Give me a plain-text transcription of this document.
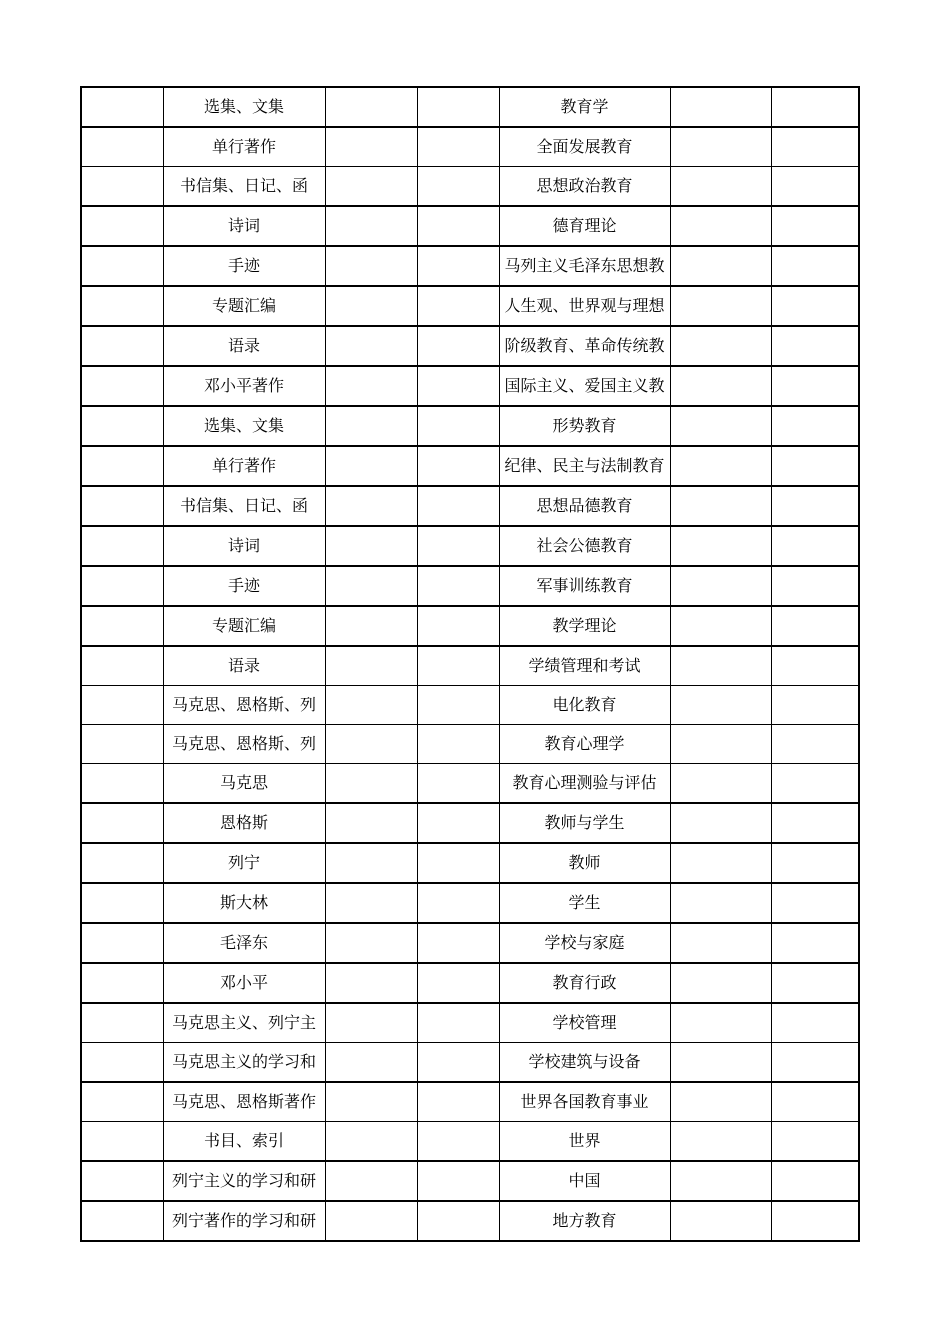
	选集、文集			教育学		

	单行著作			全面发展教育		

	书信集、日记、函			思想政治教育		

	诗词			德育理论		

	手迹			马列主义毛泽东思想教		

	专题汇编			人生观、世界观与理想		

	语录			阶级教育、革命传统教		

	邓小平著作			国际主义、爱国主义教		

	选集、文集			形势教育		

	单行著作			纪律、民主与法制教育		

	书信集、日记、函			思想品德教育		

	诗词			社会公德教育		

	手迹			军事训练教育		

	专题汇编			教学理论		

	语录			学绩管理和考试		

	马克思、恩格斯、列			电化教育		

	马克思、恩格斯、列			教育心理学		

	马克思			教育心理测验与评估		

	恩格斯			教师与学生		

	列宁			教师		

	斯大林			学生		

	毛泽东			学校与家庭		

	邓小平			教育行政		

	马克思主义、列宁主			学校管理		

	马克思主义的学习和			学校建筑与设备		

	马克思、恩格斯著作			世界各国教育事业		

	书目、索引			世界		

	列宁主义的学习和研			中国		

	列宁著作的学习和研			地方教育		
